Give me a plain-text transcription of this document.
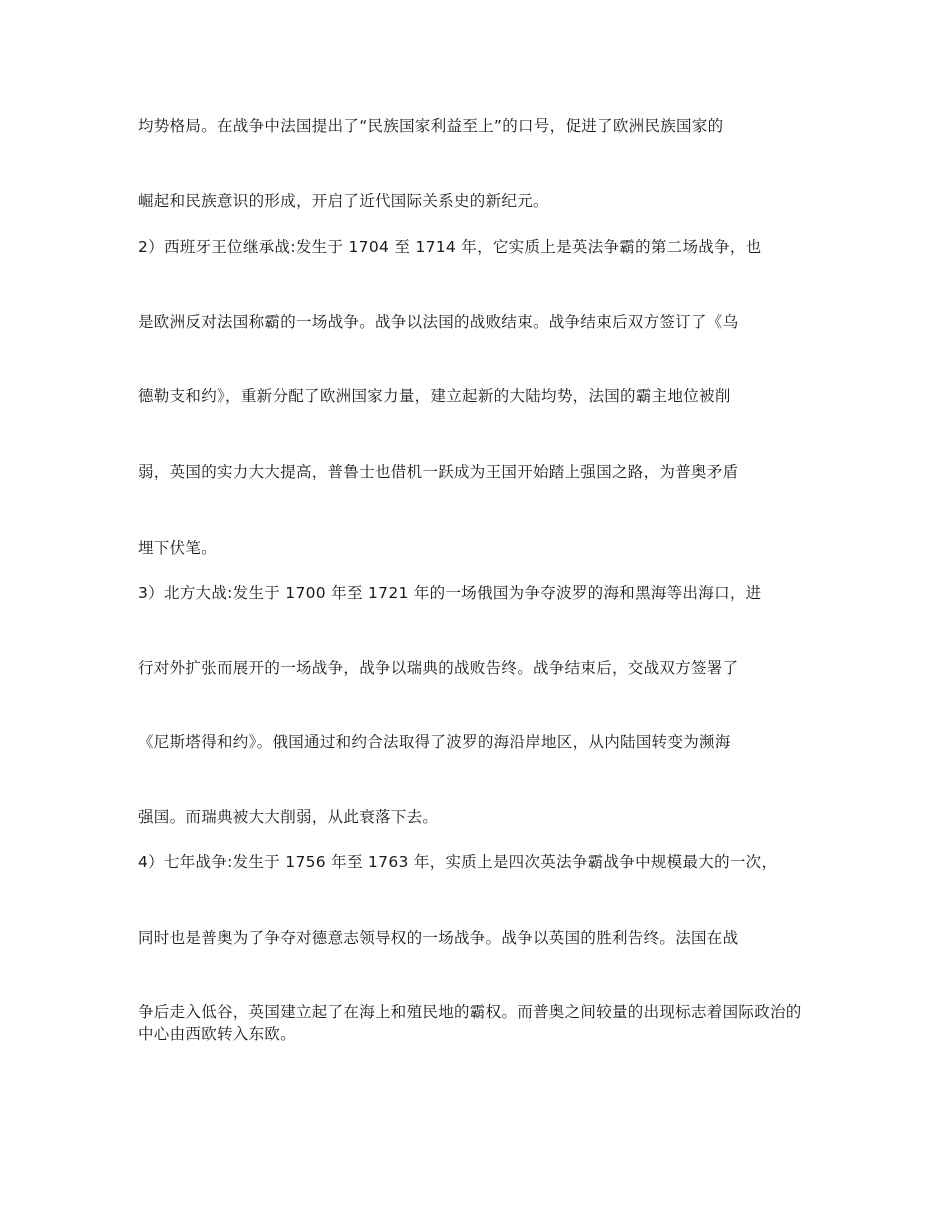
均势格局。在战争中法国提出了“民族国家利益至上”的口号，促进了欧洲民族国家的

崛起和民族意识的形成，开启了近代国际关系史的新纪元。

2）西班牙王位继承战:发生于 1704 至 1714 年，它实质上是英法争霸的第二场战争，也

是欧洲反对法国称霸的一场战争。战争以法国的战败结束。战争结束后双方签订了《乌

德勒支和约》，重新分配了欧洲国家力量，建立起新的大陆均势，法国的霸主地位被削

弱，英国的实力大大提高，普鲁士也借机一跃成为王国开始踏上强国之路，为普奥矛盾

埋下伏笔。

3）北方大战:发生于 1700 年至 1721 年的一场俄国为争夺波罗的海和黑海等出海口，进

行对外扩张而展开的一场战争，战争以瑞典的战败告终。战争结束后，交战双方签署了

《尼斯塔得和约》。俄国通过和约合法取得了波罗的海沿岸地区，从内陆国转变为濒海

强国。而瑞典被大大削弱，从此衰落下去。

4）七年战争:发生于 1756 年至 1763 年，实质上是四次英法争霸战争中规模最大的一次，

同时也是普奥为了争夺对德意志领导权的一场战争。战争以英国的胜利告终。法国在战

争后走入低谷，英国建立起了在海上和殖民地的霸权。而普奥之间较量的出现标志着国际政治的中心由西欧转入东欧。
